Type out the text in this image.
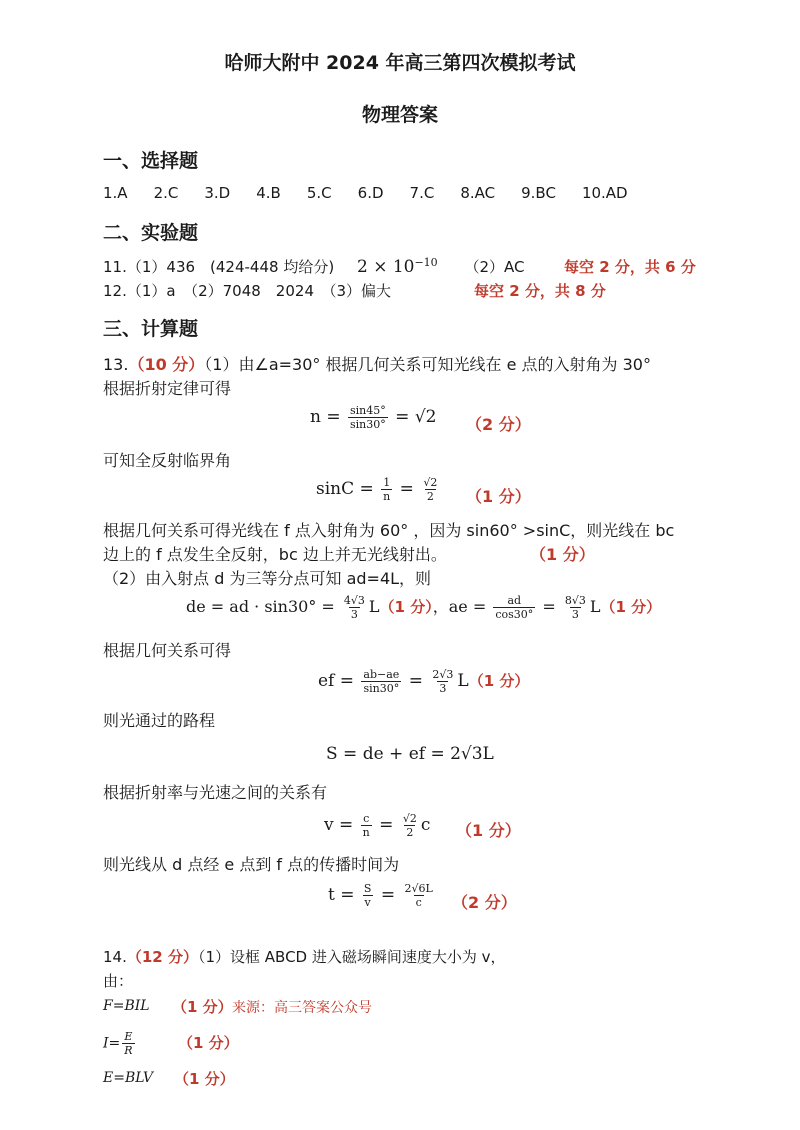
哈师大附中 2024 年高三第四次模拟考试
物理答案
一、选择题
1.A 2.C 3.D 4.B 5.C 6.D 7.C 8.AC 9.BC 10.AD
二、实验题
11.（1）436　(424-448 均给分) $2 \times 10^{-10}$ （2）AC	每空 2 分，共 6 分
12.（1）a　（2）7048　2024　（3）偏大	每空 2 分，共 8 分
三、计算题
13.（10 分）（1）由∠a=30° 根据几何关系可知光线在 e 点的入射角为 30°
根据折射定律可得
$n = \frac{\sin 45^\circ}{\sin 30^\circ} = √2$ （2 分）
可知全反射临界角
$\sin C = \frac{1}{n} = \frac{√2}{2} (1$ 分）
根据几何关系可得光线在 f 点入射角为 60° ，因为 sin60° >sinC，则光线在 bc
边上的 f 点发生全反射，bc 边上并无光线射出。	（1 分）
（2）由入射点 d 为三等分点可知 ad=4L，则
de = ad · $\sin 30^\circ = \frac{4√3}{3} L(1$ 分），ae = $\frac{ad}{\cos 30^\circ} = \frac{8√3}{3} L(1$ 分）
根据几何关系可得
ef = $\frac{ab-ae}{\sin 30^\circ} = \frac{2√3}{3} L(1$ 分）
则光通过的路程
S = de + ef = 2√3L
根据折射率与光速之间的关系有
$v = \frac{c}{n} = \frac{√2}{2}$ c （1 分）
则光线从 d 点经 e 点到 f 点的传播时间为
$t = \frac{S}{v} = \frac{2√6L}{c} (2$ 分）
14.（12 分）（1）设框 ABCD 进入磁场瞬间速度大小为 v，
由：
F=BIL （1 分） 来源：高三答案公众号
$I= \frac{E}{R}$	（1 分）
E=BLV （1 分）
